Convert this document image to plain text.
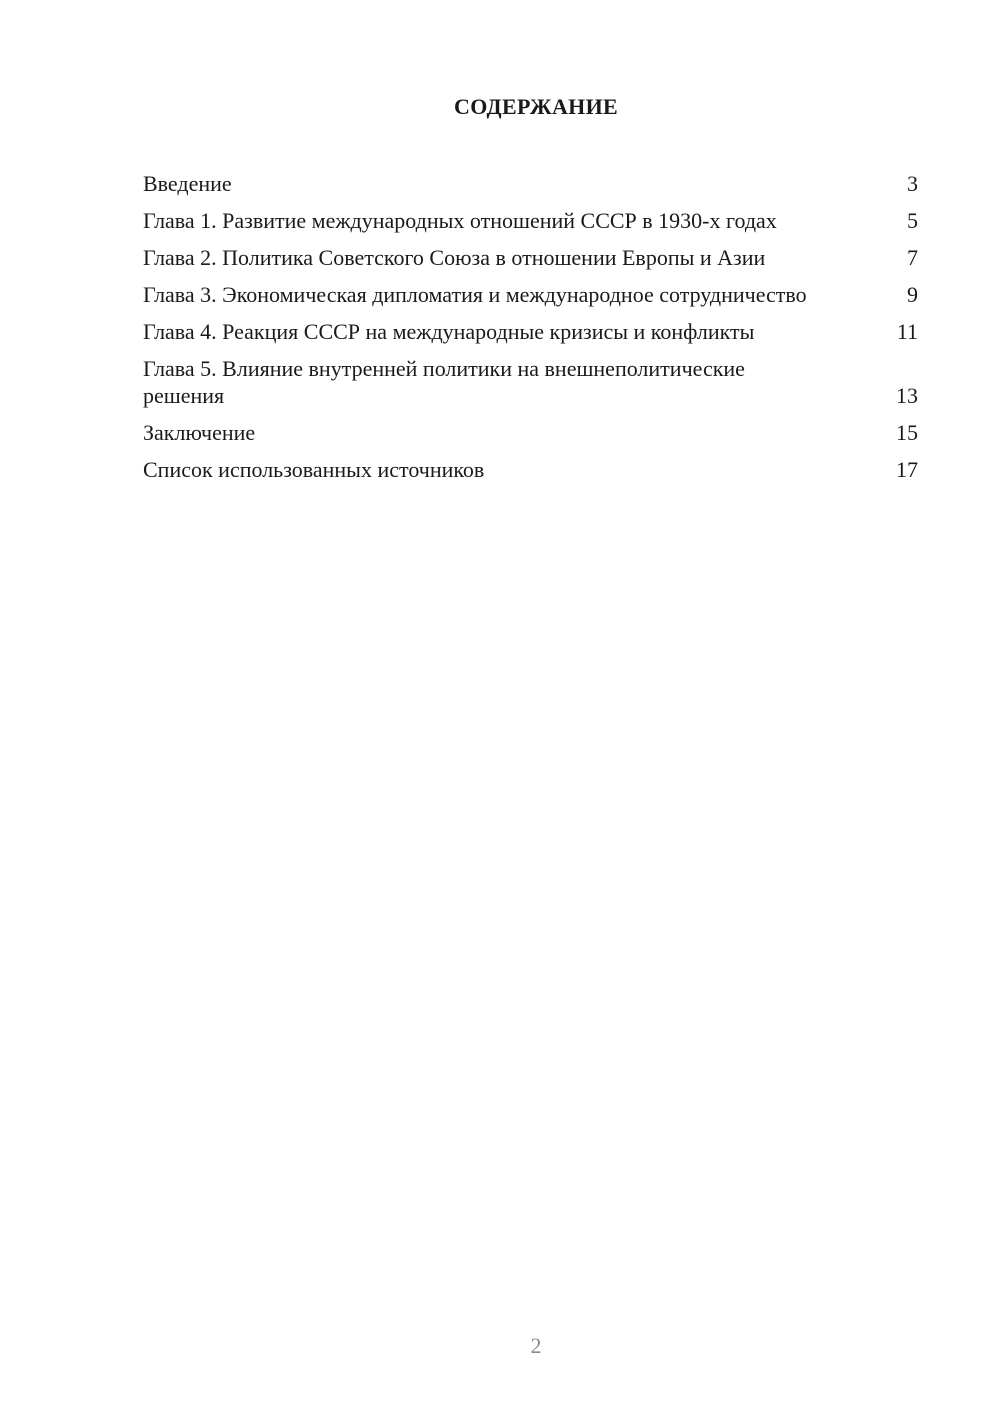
СОДЕРЖАНИЕ
Введение	3
Глава 1. Развитие международных отношений СССР в 1930-х годах	5
Глава 2. Политика Советского Союза в отношении Европы и Азии	7
Глава 3. Экономическая дипломатия и международное сотрудничество	9
Глава 4. Реакция СССР на международные кризисы и конфликты	11
Глава 5. Влияние внутренней политики на внешнеполитические решения	13
Заключение	15
Список использованных источников	17
2
